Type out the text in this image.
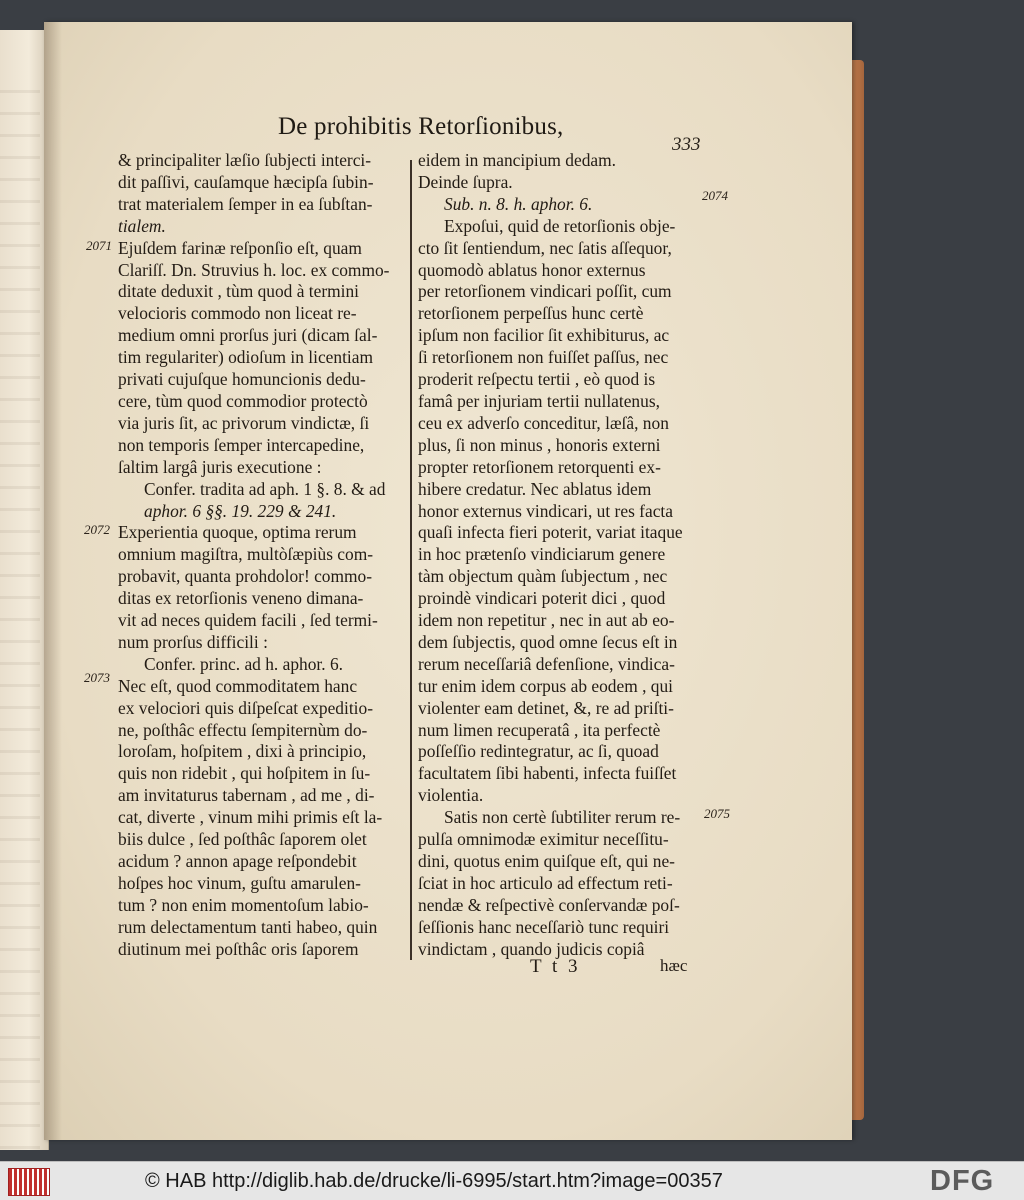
De prohibitis Retorſionibus,
333
& principaliter læſio ſubjecti interci-
dit paſſivi, cauſamque hæcipſa ſubin-
trat materialem ſemper in ea ſubſtan-
tialem.
Ejuſdem farinæ reſponſio eſt, quam
Clariſſ. Dn. Struvius h. loc. ex commo-
ditate deduxit , tùm quod à termini
velocioris commodo non liceat re-
medium omni prorſus juri (dicam ſal-
tim regulariter) odioſum in licentiam
privati cujuſque homuncionis dedu-
cere, tùm quod commodior protectò
via juris ſit, ac privorum vindictæ, ſi
non temporis ſemper intercapedine,
ſaltim largâ juris executione :
Confer. tradita ad aph. 1 §. 8. & ad
aphor. 6 §§. 19. 229 & 241.
Experientia quoque, optima rerum
omnium magiſtra, multòſæpiùs com-
probavit, quanta prohdolor! commo-
ditas ex retorſionis veneno dimana-
vit ad neces quidem facili , ſed termi-
num prorſus difficili :
Confer. princ. ad h. aphor. 6.
Nec eſt, quod commoditatem hanc
ex velociori quis diſpeſcat expeditio-
ne, poſthâc effectu ſempiternùm do-
loroſam, hoſpitem , dixi à principio,
quis non ridebit , qui hoſpitem in ſu-
am invitaturus tabernam , ad me , di-
cat, diverte , vinum mihi primis eſt la-
biis dulce , ſed poſthâc ſaporem olet
acidum ? annon apage reſpondebit
hoſpes hoc vinum, guſtu amarulen-
tum ? non enim momentoſum labio-
rum delectamentum tanti habeo, quin
diutinum mei poſthâc oris ſaporem
eidem in mancipium dedam.
Deinde ſupra.
Sub. n. 8. h. aphor. 6.
Expoſui, quid de retorſionis obje-
cto ſit ſentiendum, nec ſatis aſſequor,
quomodò ablatus honor externus
per retorſionem vindicari poſſit, cum
retorſionem perpeſſus hunc certè
ipſum non facilior ſit exhibiturus, ac
ſi retorſionem non fuiſſet paſſus, nec
proderit reſpectu tertii , eò quod is
famâ per injuriam tertii nullatenus,
ceu ex adverſo conceditur, læſâ, non
plus, ſi non minus , honoris externi
propter retorſionem retorquenti ex-
hibere credatur. Nec ablatus idem
honor externus vindicari, ut res facta
quaſi infecta fieri poterit, variat itaque
in hoc prætenſo vindiciarum genere
tàm objectum quàm ſubjectum , nec
proindè vindicari poterit dici , quod
idem non repetitur , nec in aut ab eo-
dem ſubjectis, quod omne ſecus eſt in
rerum neceſſariâ defenſione, vindica-
tur enim idem corpus ab eodem , qui
violenter eam detinet, &, re ad priſti-
num limen recuperatâ , ita perfectè
poſſeſſio redintegratur, ac ſi, quoad
facultatem ſibi habenti, infecta fuiſſet
violentia.
Satis non certè ſubtiliter rerum re-
pulſa omnimodæ eximitur neceſſitu-
dini, quotus enim quiſque eſt, qui ne-
ſciat in hoc articulo ad effectum reti-
nendæ & reſpectivè conſervandæ poſ-
ſeſſionis hanc neceſſariò tunc requiri
vindictam , quando judicis copiâ
2071
2072
2073
2074
2075
T t 3	hæc
© HAB http://diglib.hab.de/drucke/li-6995/start.htm?image=00357	DFG
